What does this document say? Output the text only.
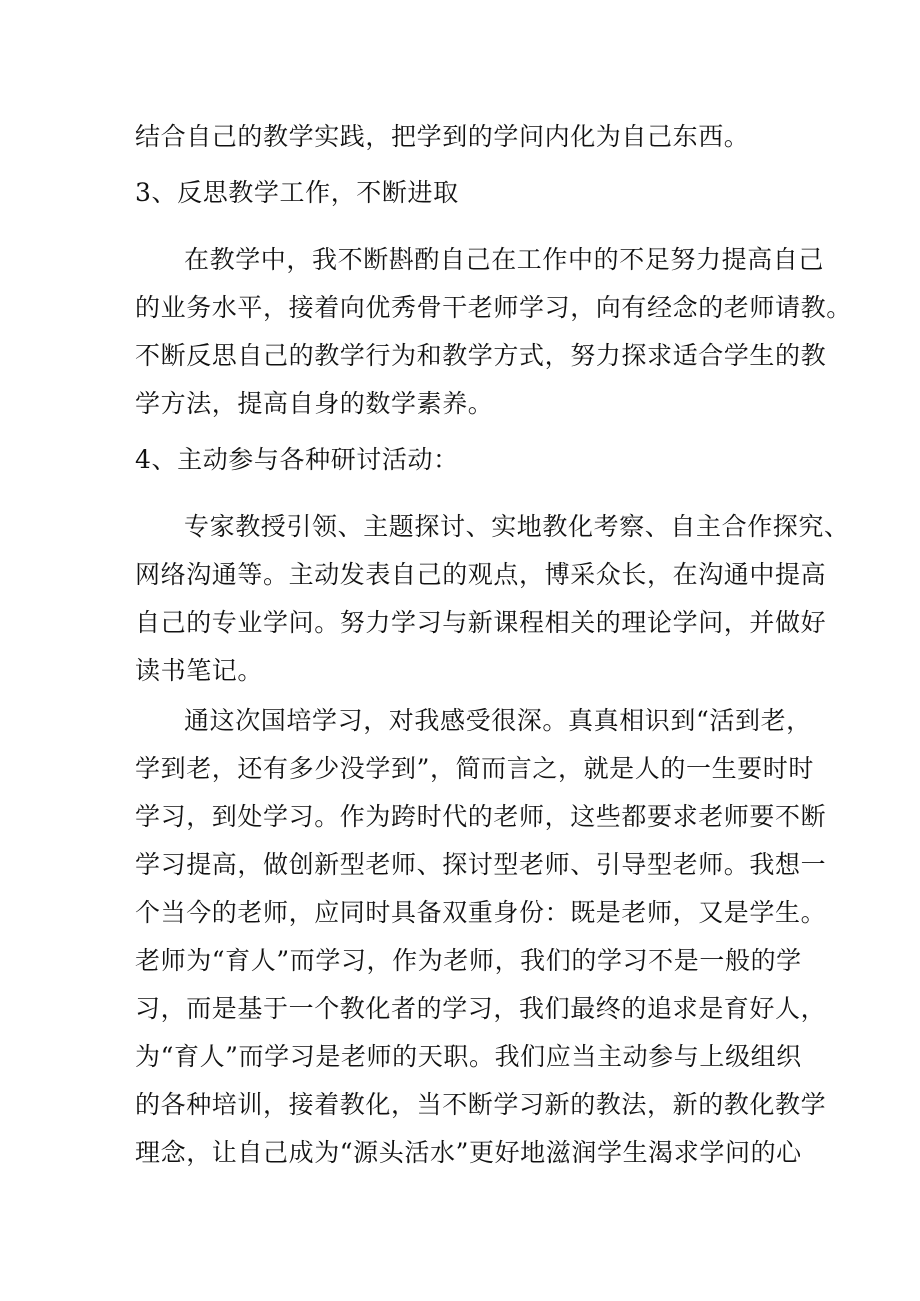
结合自己的教学实践，把学到的学问内化为自己东西。
3、反思教学工作，不断进取
在教学中，我不断斟酌自己在工作中的不足努力提高自己
的业务水平，接着向优秀骨干老师学习，向有经念的老师请教。
不断反思自己的教学行为和教学方式，努力探求适合学生的教
学方法，提高自身的数学素养。
4、主动参与各种研讨活动：
专家教授引领、主题探讨、实地教化考察、自主合作探究、
网络沟通等。主动发表自己的观点，博采众长，在沟通中提高
自己的专业学问。努力学习与新课程相关的理论学问，并做好
读书笔记。
通这次国培学习，对我感受很深。真真相识到“活到老，
学到老，还有多少没学到”，简而言之，就是人的一生要时时
学习，到处学习。作为跨时代的老师，这些都要求老师要不断
学习提高，做创新型老师、探讨型老师、引导型老师。我想一
个当今的老师，应同时具备双重身份：既是老师，又是学生。
老师为“育人”而学习，作为老师，我们的学习不是一般的学
习，而是基于一个教化者的学习，我们最终的追求是育好人，
为“育人”而学习是老师的天职。我们应当主动参与上级组织
的各种培训，接着教化，当不断学习新的教法，新的教化教学
理念，让自己成为“源头活水”更好地滋润学生渴求学问的心
